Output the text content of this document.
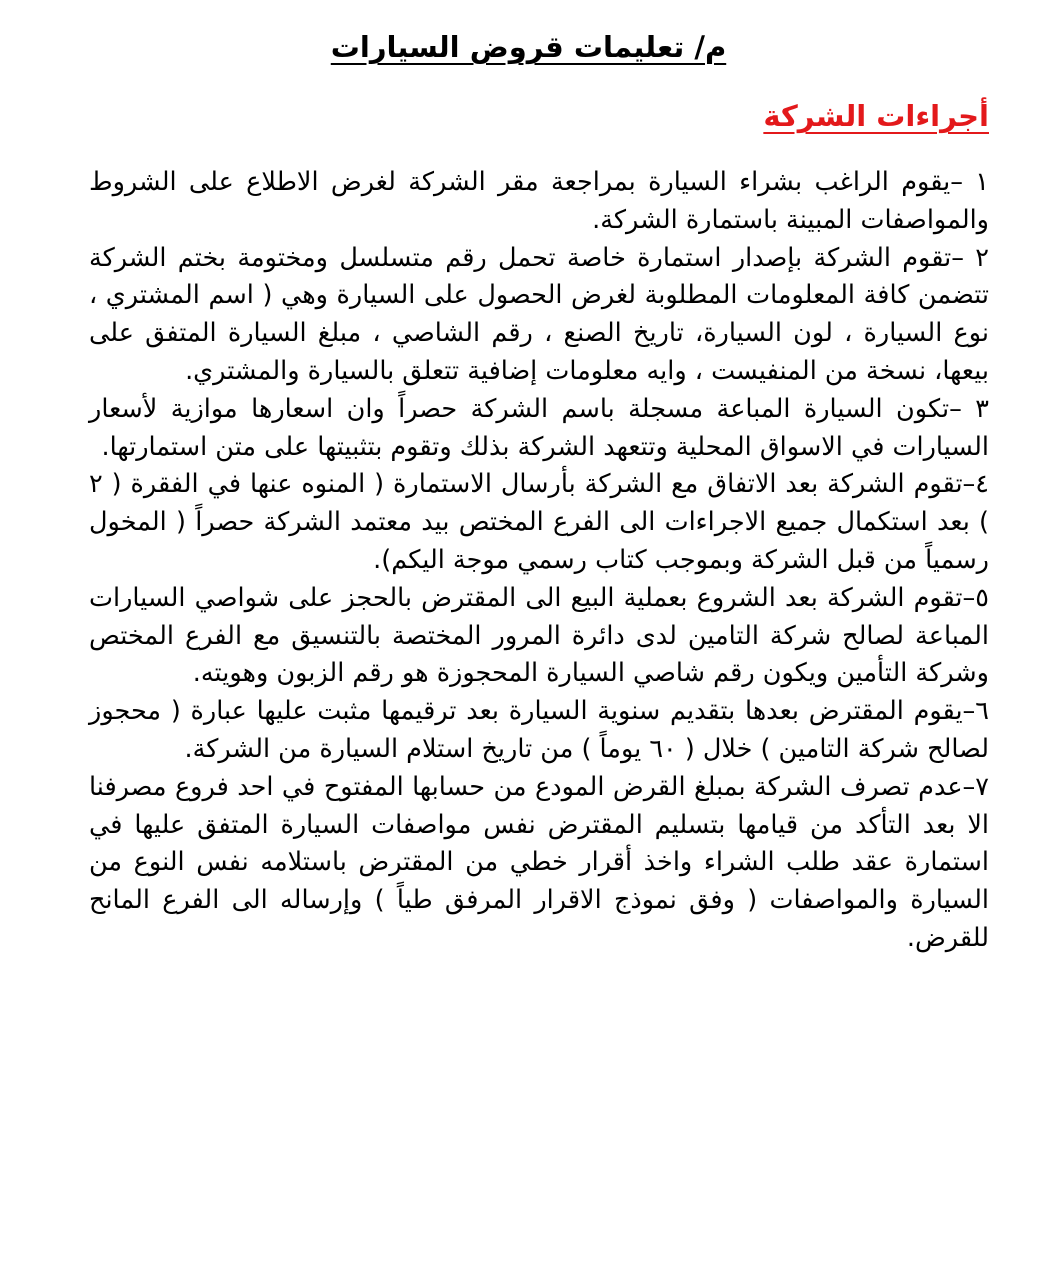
م/ تعليمات قروض السيارات
أجراءات الشركة

١ –يقوم الراغب بشراء السيارة بمراجعة مقر الشركة لغرض الاطلاع على الشروط والمواصفات المبينة باستمارة الشركة.

٢ –تقوم الشركة بإصدار استمارة خاصة تحمل رقم متسلسل ومختومة بختم الشركة تتضمن كافة المعلومات المطلوبة لغرض الحصول على السيارة وهي ( اسم المشتري ، نوع السيارة ، لون السيارة، تاريخ الصنع ، رقم الشاصي ، مبلغ السيارة المتفق على بيعها، نسخة من المنفيست ، وايه معلومات إضافية تتعلق بالسيارة والمشتري.

٣ –تكون السيارة المباعة مسجلة باسم الشركة حصراً وان اسعارها موازية لأسعار السيارات في الاسواق المحلية وتتعهد الشركة بذلك وتقوم بتثبيتها على متن استمارتها.

٤–تقوم الشركة بعد الاتفاق مع الشركة بأرسال الاستمارة ( المنوه عنها في الفقرة ( ٢ ) بعد استكمال جميع الاجراءات الى الفرع المختص بيد معتمد الشركة حصراً ( المخول رسمياً من قبل الشركة وبموجب كتاب رسمي موجة اليكم).

٥–تقوم الشركة بعد الشروع بعملية البيع الى المقترض بالحجز على شواصي السيارات المباعة لصالح شركة التامين لدى دائرة المرور المختصة بالتنسيق مع الفرع المختص وشركة التأمين ويكون رقم شاصي السيارة المحجوزة هو رقم الزبون وهويته.

٦–يقوم المقترض بعدها بتقديم سنوية السيارة بعد ترقيمها مثبت عليها عبارة ( محجوز لصالح شركة التامين ) خلال ( ٦٠ يوماً ) من تاريخ استلام السيارة من الشركة.

٧–عدم تصرف الشركة بمبلغ القرض المودع من حسابها المفتوح في احد فروع مصرفنا الا بعد التأكد من قيامها بتسليم المقترض نفس مواصفات السيارة المتفق عليها في استمارة عقد طلب الشراء واخذ أقرار خطي من المقترض باستلامه نفس النوع من السيارة والمواصفات ( وفق نموذج الاقرار المرفق طياً ) وإرساله الى الفرع المانح للقرض.
